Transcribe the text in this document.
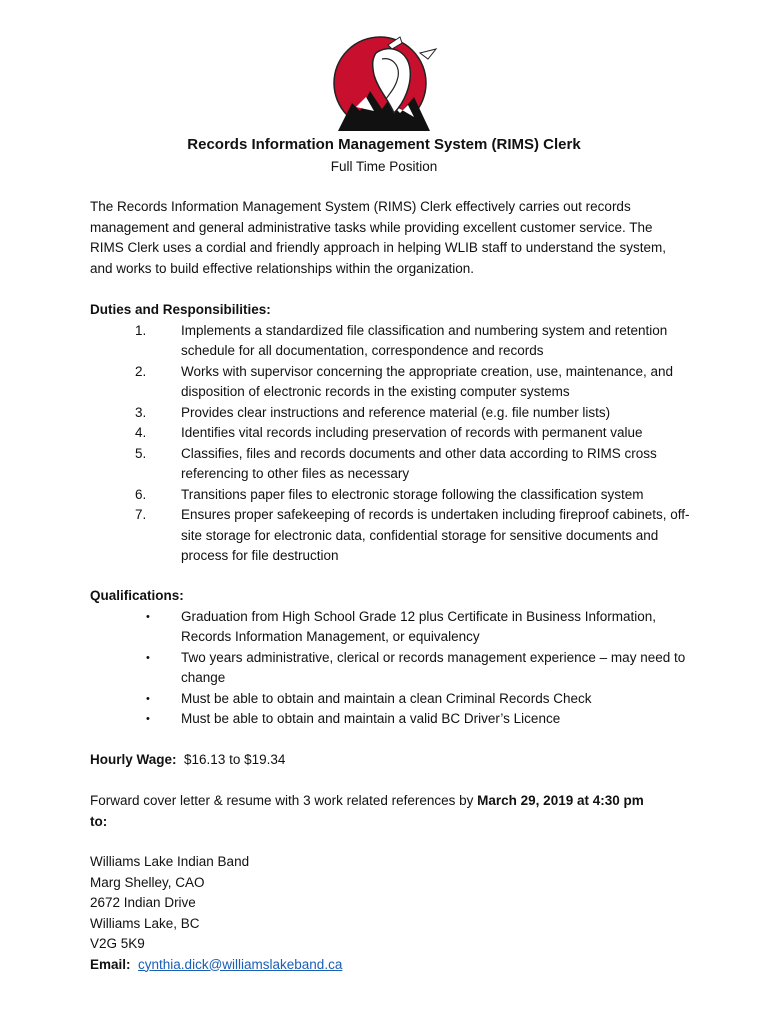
Records Information Management System (RIMS) Clerk
Full Time Position
The Records Information Management System (RIMS) Clerk effectively carries out records management and general administrative tasks while providing excellent customer service. The RIMS Clerk uses a cordial and friendly approach in helping WLIB staff to understand the system, and works to build effective relationships within the organization.
Duties and Responsibilities:
1.	Implements a standardized file classification and numbering system and retention schedule for all documentation, correspondence and records
2.	Works with supervisor concerning the appropriate creation, use, maintenance, and disposition of electronic records in the existing computer systems
3.	Provides clear instructions and reference material (e.g. file number lists)
4.	Identifies vital records including preservation of records with permanent value
5.	Classifies, files and records documents and other data according to RIMS cross referencing to other files as necessary
6.	Transitions paper files to electronic storage following the classification system
7.	Ensures proper safekeeping of records is undertaken including fireproof cabinets, off-site storage for electronic data, confidential storage for sensitive documents and process for file destruction
Qualifications:
• Graduation from High School Grade 12 plus Certificate in Business Information, Records Information Management, or equivalency
• Two years administrative, clerical or records management experience – may need to change
• Must be able to obtain and maintain a clean Criminal Records Check
• Must be able to obtain and maintain a valid BC Driver’s Licence
Hourly Wage: $16.13 to $19.34
Forward cover letter & resume with 3 work related references by March 29, 2019 at 4:30 pm
to:
Williams Lake Indian Band
Marg Shelley, CAO
2672 Indian Drive
Williams Lake, BC
V2G 5K9
Email: cynthia.dick@williamslakeband.ca
